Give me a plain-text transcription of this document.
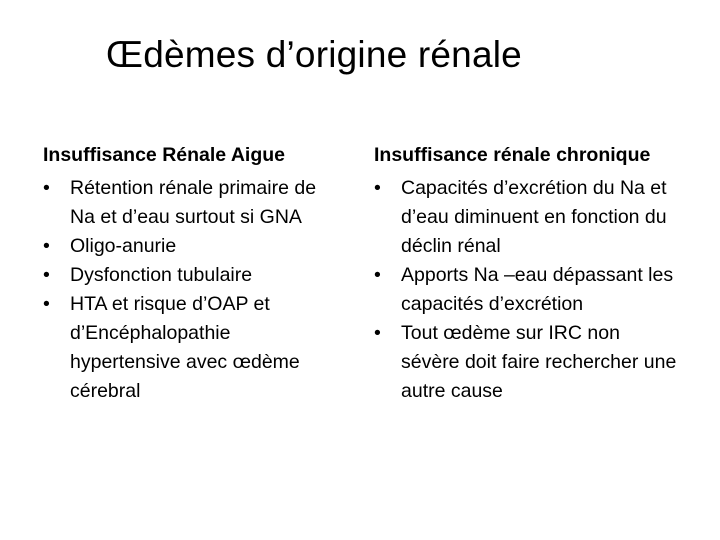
Œdèmes d’origine rénale
Insuffisance Rénale Aigue
• Rétention rénale primaire de Na et d’eau surtout si GNA
• Oligo-anurie
• Dysfonction tubulaire
• HTA et risque d’OAP et d’Encéphalopathie hypertensive avec œdème cérebral
Insuffisance rénale chronique
• Capacités d’excrétion du Na et d’eau diminuent en fonction du déclin rénal
• Apports Na –eau dépassant les capacités d’excrétion
• Tout œdème sur IRC non sévère doit faire rechercher une autre cause
